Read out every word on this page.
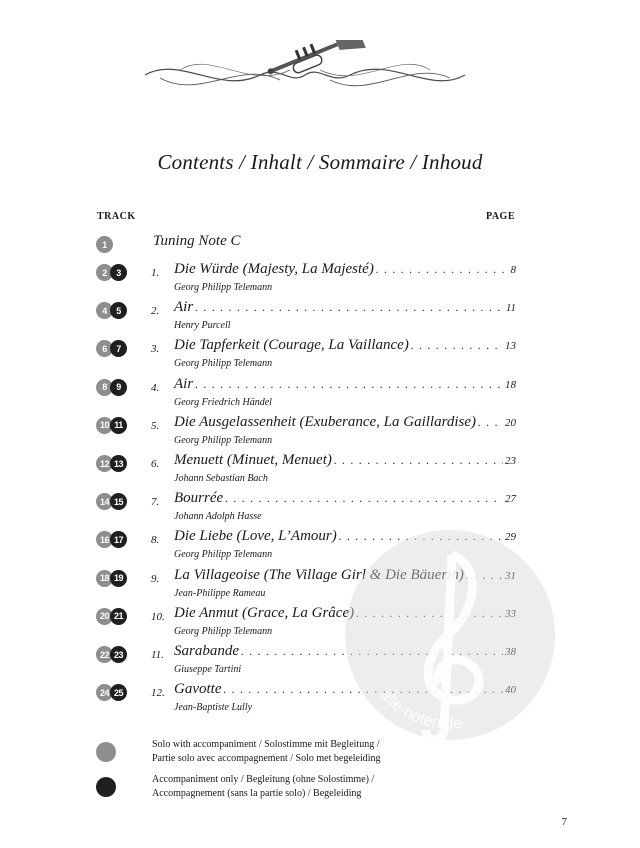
Contents / Inhalt / Sommaire / Inhoud
TRACK	PAGE
1	Tuning Note C
2	3	1. Die Würde (Majesty, La Majesté) . . .	8
Georg Philipp Telemann
4	5	2. Air . . .	11
Henry Purcell
6	7	3. Die Tapferkeit (Courage, La Vaillance) . . .	13
Georg Philipp Telemann
8	9	4. Air . . .	18
Georg Friedrich Händel
10 11	5. Die Ausgelassenheit (Exuberance, La Gaillardise) . . .	20
Georg Philipp Telemann
12 13	6. Menuett (Minuet, Menuet) . . .	23
Johann Sebastian Bach
14 15	7. Bourrée . . .	27
Johann Adolph Hasse
16 17	8. Die Liebe (Love, L’Amour) . . .	29
Georg Philipp Telemann
18 19	9. La Villageoise (The Village Girl & Die Bäuerin) . . .	31
Jean-Philippe Rameau
20 21	10. Die Anmut (Grace, La Grâce) . . .	33
Georg Philipp Telemann
22 23	11. Sarabande . . .	38
Giuseppe Tartini
24 25	12. Gavotte . . .	40
Jean-Baptiste Lully
Solo with accompaniment / Solostimme mit Begleitung /
Partie solo avec accompagnement / Solo met begeleiding
Accompaniment only / Begleitung (ohne Solostimme) /
Accompagnement (sans la partie solo) / Begeleiding
7
alle-noten.de
